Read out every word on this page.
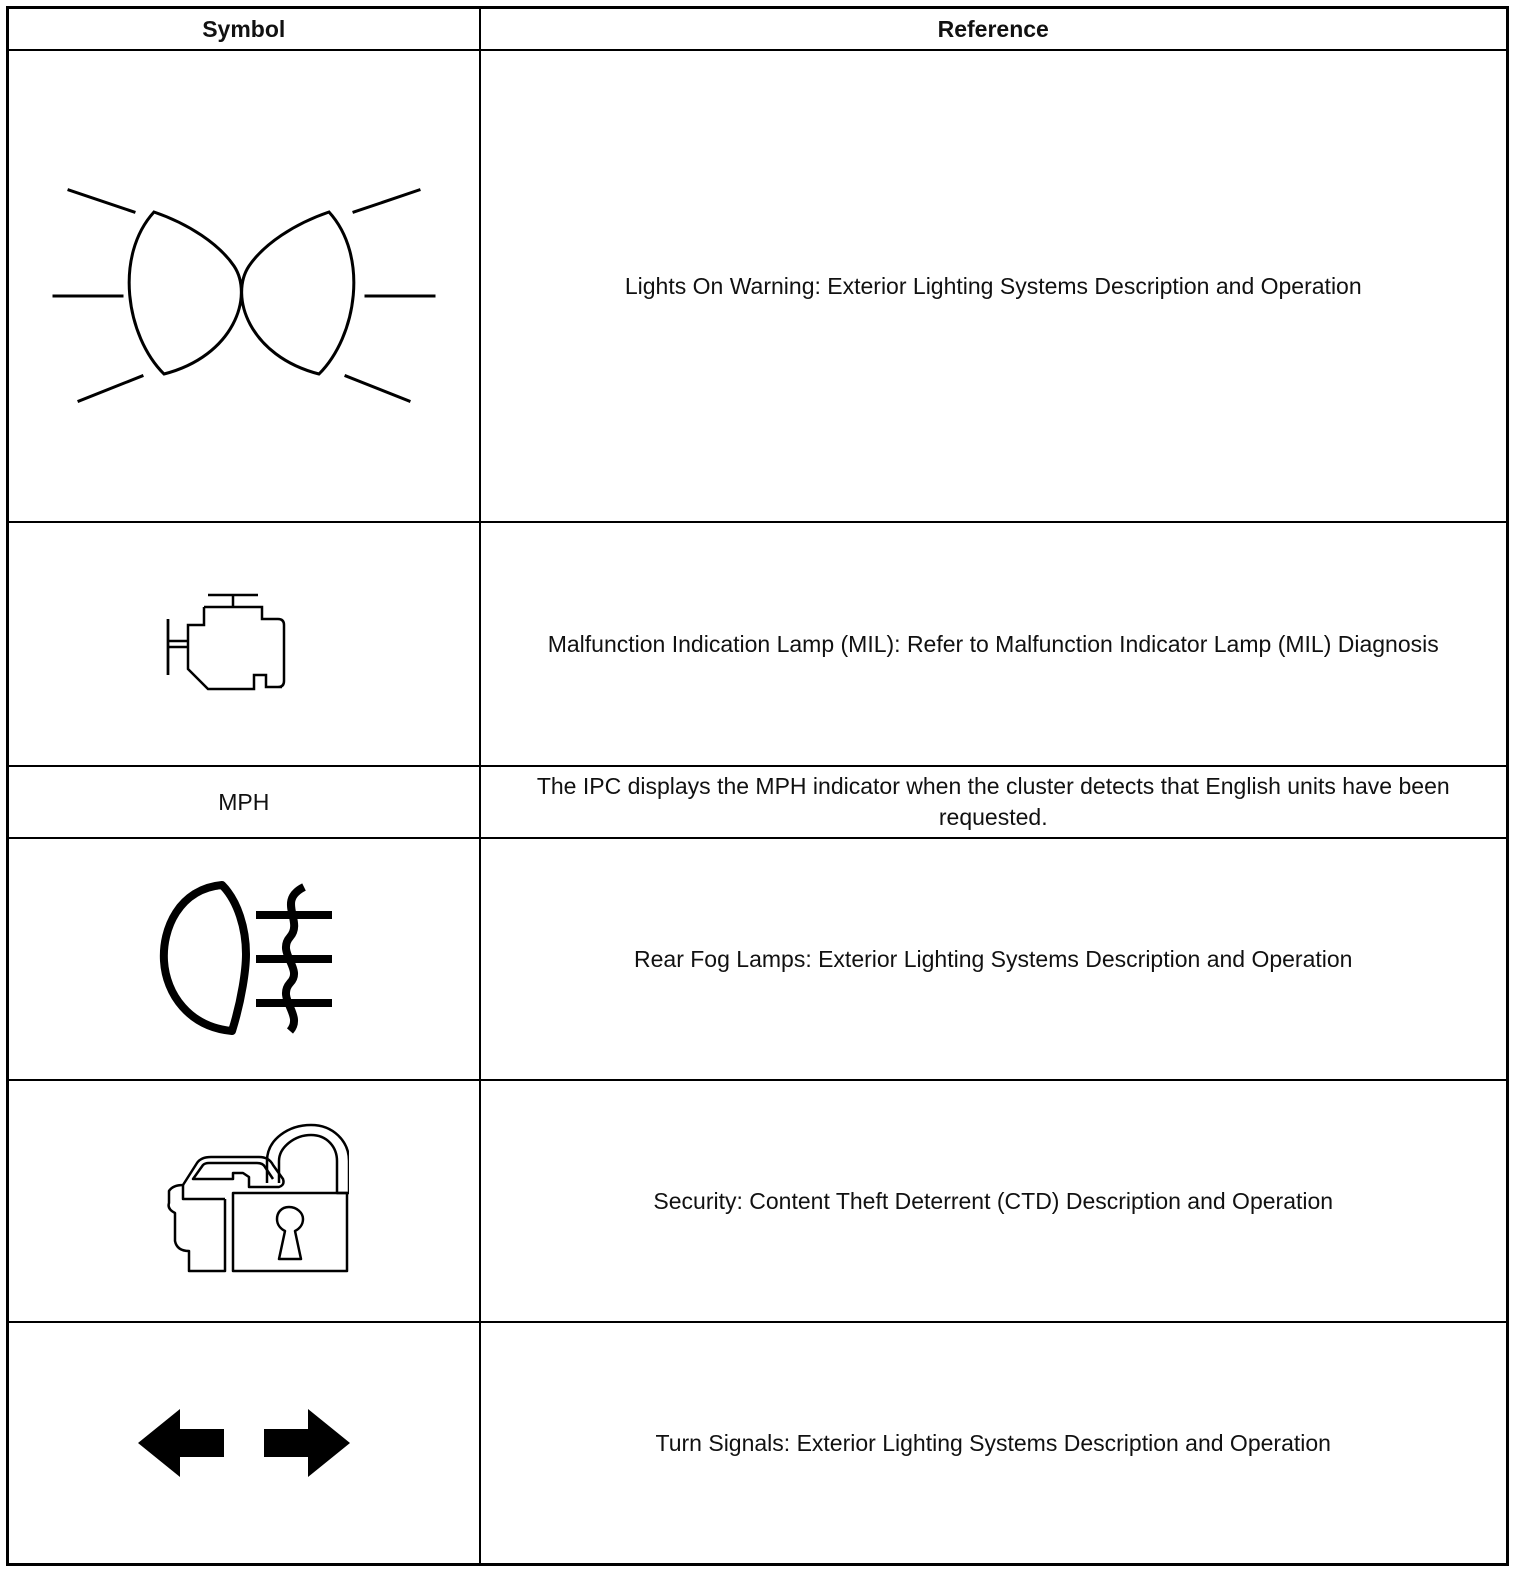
Symbol	Reference

	Lights On Warning: Exterior Lighting Systems Description and Operation

	Malfunction Indication Lamp (MIL): Refer to Malfunction Indicator Lamp (MIL) Diagnosis
MPH	The IPC displays the MPH indicator when the cluster detects that English units have been requested.

	Rear Fog Lamps: Exterior Lighting Systems Description and Operation

	Security: Content Theft Deterrent (CTD) Description and Operation

	Turn Signals: Exterior Lighting Systems Description and Operation
